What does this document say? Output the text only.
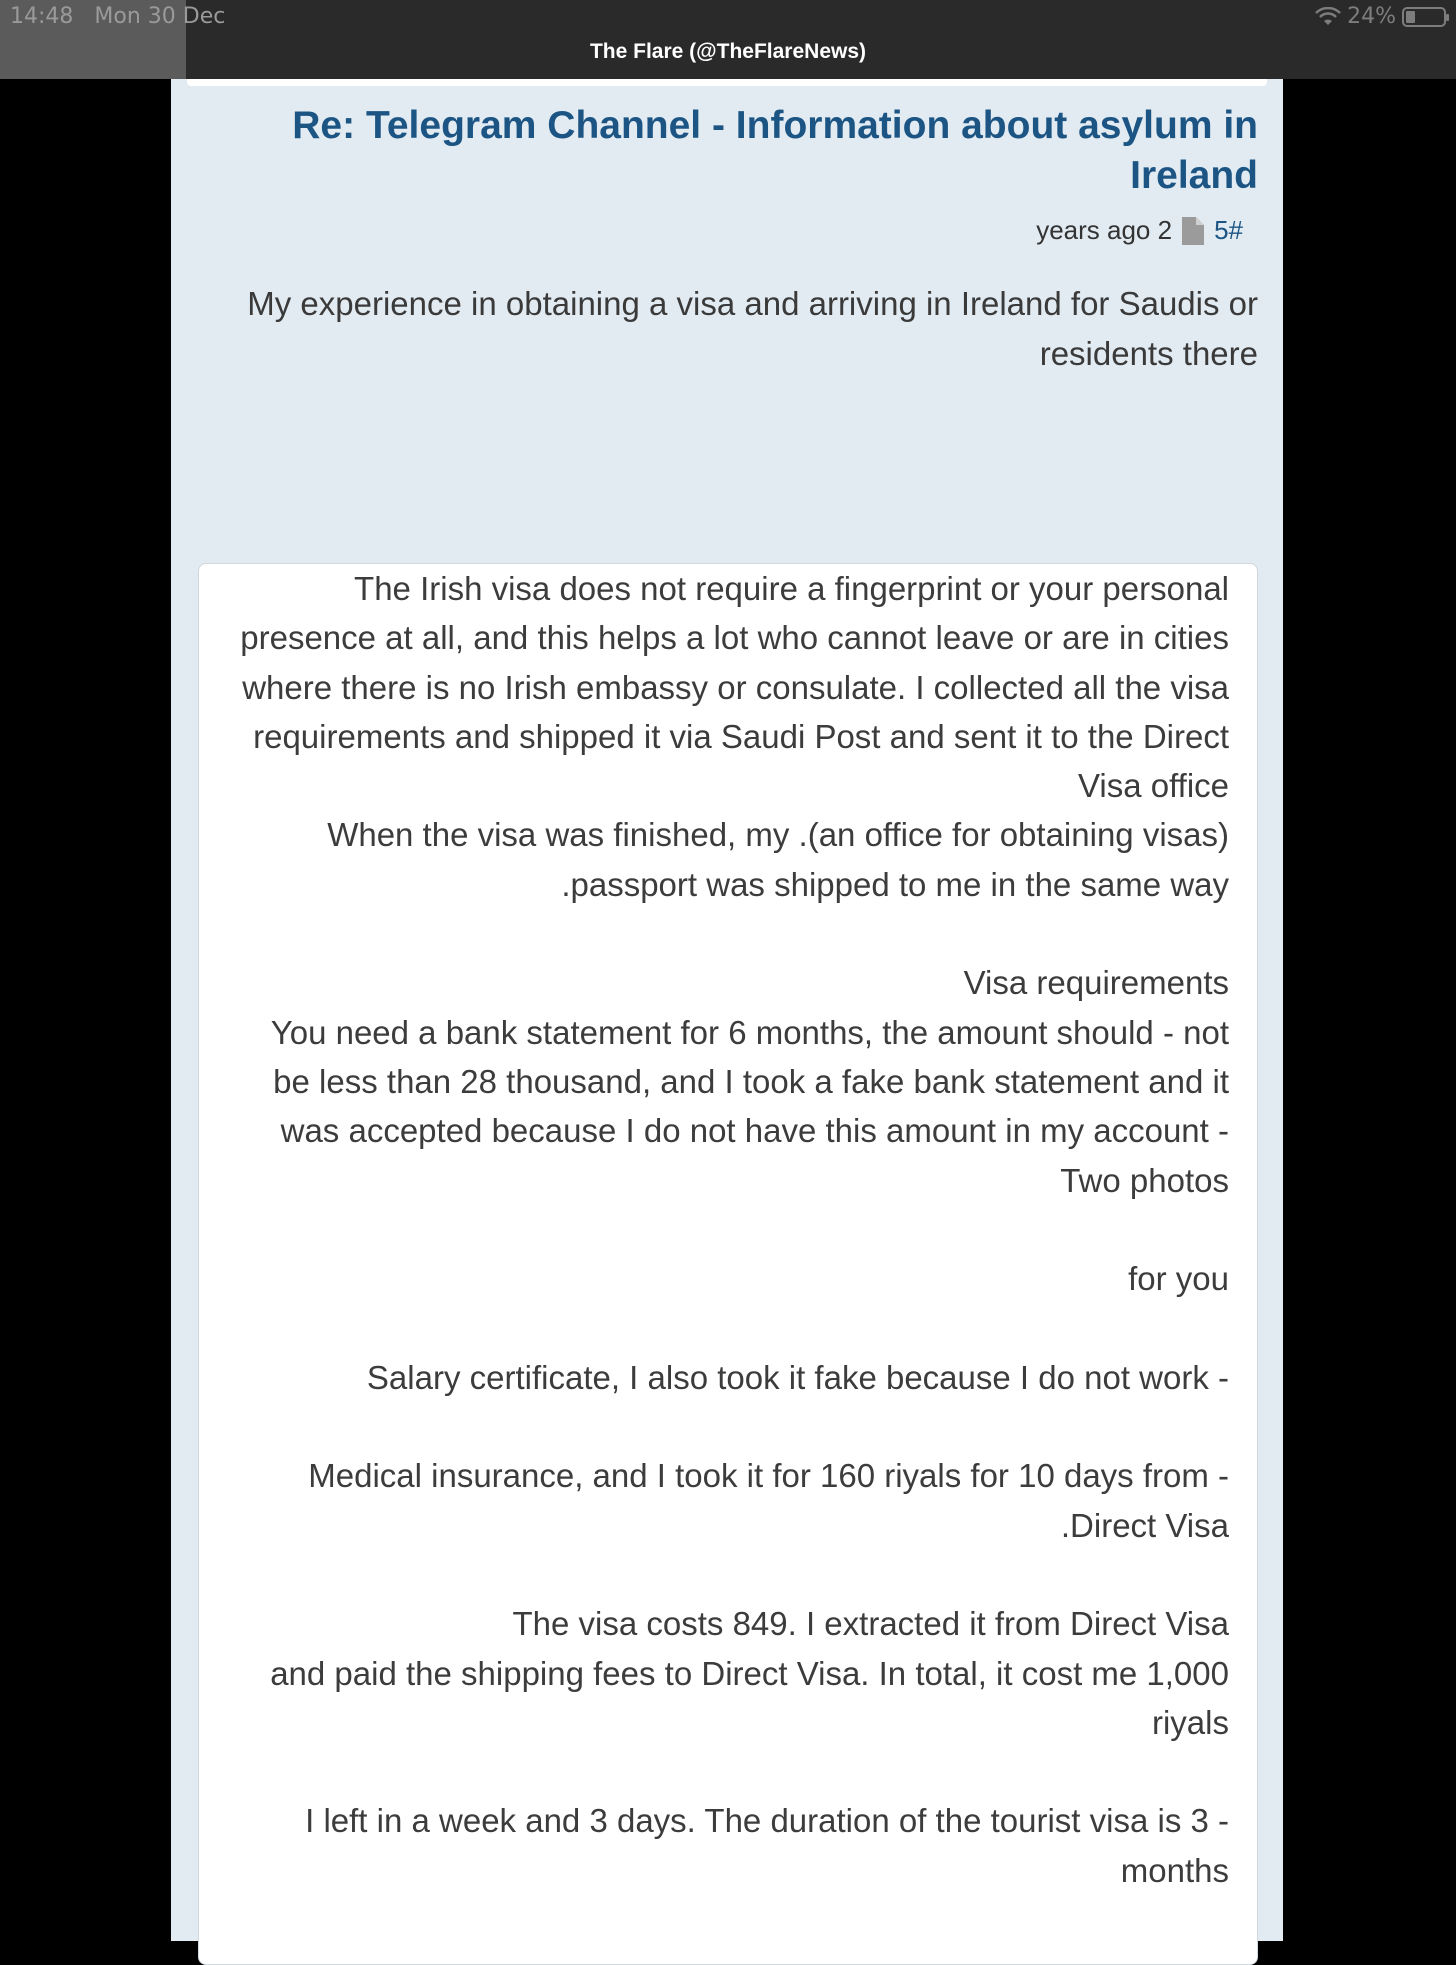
14:48 Mon 30 Dec	24%
The Flare (@TheFlareNews)
Re: Telegram Channel - Information about asylum in Ireland
years ago 2 5#
My experience in obtaining a visa and arriving in Ireland for Saudis or residents there

The Irish visa does not require a fingerprint or your personal presence at all, and this helps a lot who cannot leave or are in cities where there is no Irish embassy or consulate. I collected all the visa requirements and shipped it via Saudi Post and sent it to the Direct Visa office

When the visa was finished, my .(an office for obtaining visas) .passport was shipped to me in the same way

Visa requirements

You need a bank statement for 6 months, the amount should - not be less than 28 thousand, and I took a fake bank statement and it was accepted because I do not have this amount in my account - Two photos

for you

Salary certificate, I also took it fake because I do not work -

Medical insurance, and I took it for 160 riyals for 10 days from - .Direct Visa

The visa costs 849. I extracted it from Direct Visa

and paid the shipping fees to Direct Visa. In total, it cost me 1,000 riyals

I left in a week and 3 days. The duration of the tourist visa is 3 - months
